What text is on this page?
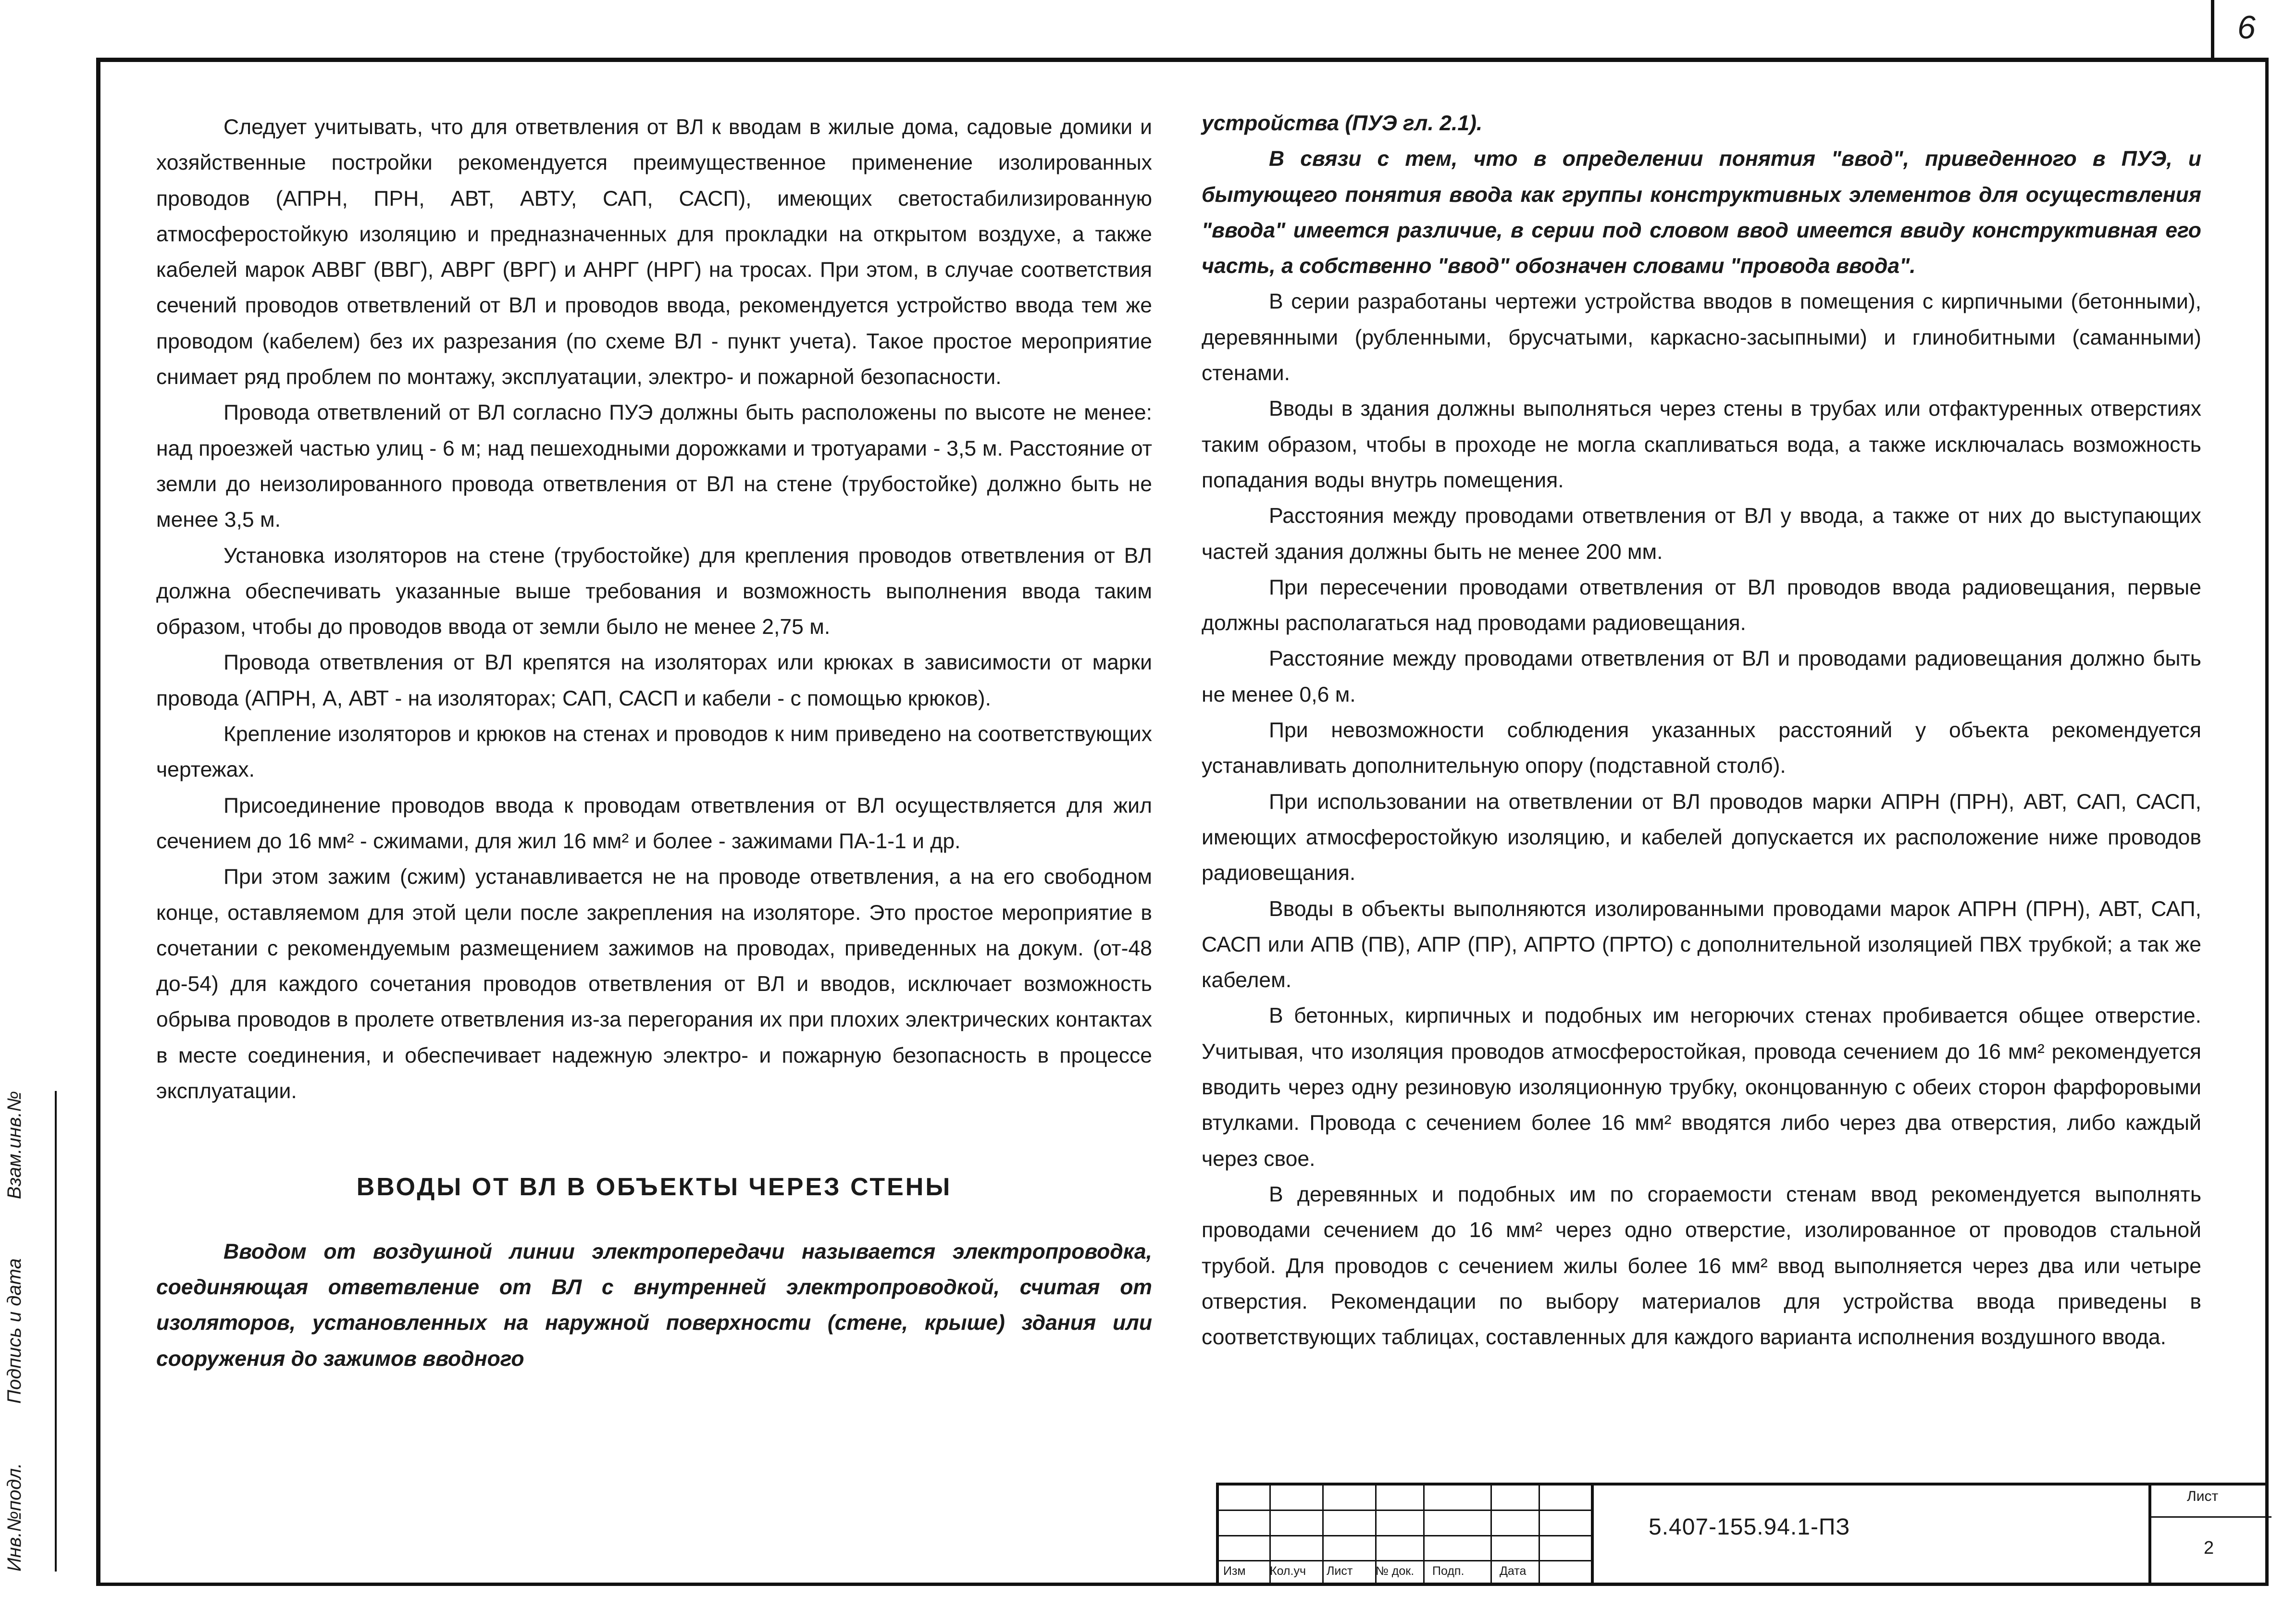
6

Следует учитывать, что для ответвления от ВЛ к вводам в жилые дома, садовые домики и хозяйственные постройки рекомендуется преимущественное применение изолированных проводов (АПРН, ПРН, АВТ, АВТУ, САП, САСП), имеющих светостабилизированную атмосферостойкую изоляцию и предназначенных для прокладки на открытом воздухе, а также кабелей марок АВВГ (ВВГ), АВРГ (ВРГ) и АНРГ (НРГ) на тросах. При этом, в случае соответствия сечений проводов ответвлений от ВЛ и проводов ввода, рекомендуется устройство ввода тем же проводом (кабелем) без их разрезания (по схеме ВЛ - пункт учета). Такое простое мероприятие снимает ряд проблем по монтажу, эксплуатации, электро- и пожарной безопасности.

Провода ответвлений от ВЛ согласно ПУЭ должны быть расположены по высоте не менее: над проезжей частью улиц - 6 м; над пешеходными дорожками и тротуарами - 3,5 м. Расстояние от земли до неизолированного провода ответвления от ВЛ на стене (трубостойке) должно быть не менее 3,5 м.

Установка изоляторов на стене (трубостойке) для крепления проводов ответвления от ВЛ должна обеспечивать указанные выше требования и возможность выполнения ввода таким образом, чтобы до проводов ввода от земли было не менее 2,75 м.

Провода ответвления от ВЛ крепятся на изоляторах или крюках в зависимости от марки провода (АПРН, А, АВТ - на изоляторах; САП, САСП и кабели - с помощью крюков).

Крепление изоляторов и крюков на стенах и проводов к ним приведено на соответствующих чертежах.

Присоединение проводов ввода к проводам ответвления от ВЛ осуществляется для жил сечением до 16 мм² - сжимами, для жил 16 мм² и более - зажимами ПА-1-1 и др.

При этом зажим (сжим) устанавливается не на проводе ответвления, а на его свободном конце, оставляемом для этой цели после закрепления на изоляторе. Это простое мероприятие в сочетании с рекомендуемым размещением зажимов на проводах, приведенных на докум. (от-48 до-54) для каждого сочетания проводов ответвления от ВЛ и вводов, исключает возможность обрыва проводов в пролете ответвления из-за перегорания их при плохих электрических контактах в месте соединения, и обеспечивает надежную электро- и пожарную безопасность в процессе эксплуатации.

ВВОДЫ ОТ ВЛ В ОБЪЕКТЫ ЧЕРЕЗ СТЕНЫ

Вводом от воздушной линии электропередачи называется электропроводка, соединяющая ответвление от ВЛ с внутренней электропроводкой, считая от изоляторов, установленных на наружной поверхности (стене, крыше) здания или сооружения до зажимов вводного

устройства (ПУЭ гл. 2.1).

В связи с тем, что в определении понятия "ввод", приведенного в ПУЭ, и бытующего понятия ввода как группы конструктивных элементов для осуществления "ввода" имеется различие, в серии под словом ввод имеется ввиду конструктивная его часть, а собственно "ввод" обозначен словами "провода ввода".

В серии разработаны чертежи устройства вводов в помещения с кирпичными (бетонными), деревянными (рубленными, брусчатыми, каркасно-засыпными) и глинобитными (саманными) стенами.

Вводы в здания должны выполняться через стены в трубах или отфактуренных отверстиях таким образом, чтобы в проходе не могла скапливаться вода, а также исключалась возможность попадания воды внутрь помещения.

Расстояния между проводами ответвления от ВЛ у ввода, а также от них до выступающих частей здания должны быть не менее 200 мм.

При пересечении проводами ответвления от ВЛ проводов ввода радиовещания, первые должны располагаться над проводами радиовещания.

Расстояние между проводами ответвления от ВЛ и проводами радиовещания должно быть не менее 0,6 м.

При невозможности соблюдения указанных расстояний у объекта рекомендуется устанавливать дополнительную опору (подставной столб).

При использовании на ответвлении от ВЛ проводов марки АПРН (ПРН), АВТ, САП, САСП, имеющих атмосферостойкую изоляцию, и кабелей допускается их расположение ниже проводов радиовещания.

Вводы в объекты выполняются изолированными проводами марок АПРН (ПРН), АВТ, САП, САСП или АПВ (ПВ), АПР (ПР), АПРТО (ПРТО) с дополнительной изоляцией ПВХ трубкой; а так же кабелем.

В бетонных, кирпичных и подобных им негорючих стенах пробивается общее отверстие. Учитывая, что изоляция проводов атмосферостойкая, провода сечением до 16 мм² рекомендуется вводить через одну резиновую изоляционную трубку, оконцованную с обеих сторон фарфоровыми втулками. Провода с сечением более 16 мм² вводятся либо через два отверстия, либо каждый через свое.

В деревянных и подобных им по сгораемости стенам ввод рекомендуется выполнять проводами сечением до 16 мм² через одно отверстие, изолированное от проводов стальной трубой. Для проводов с сечением жилы более 16 мм² ввод выполняется через два или четыре отверстия. Рекомендации по выбору материалов для устройства ввода приведены в соответствующих таблицах, составленных для каждого варианта исполнения воздушного ввода.

Инв.№подл.
Подпись и дата
Взам.инв.№
Изм Кол.уч Лист № док. Подп.	Дата
5.407-155.94.1-ПЗ
Лист
2
